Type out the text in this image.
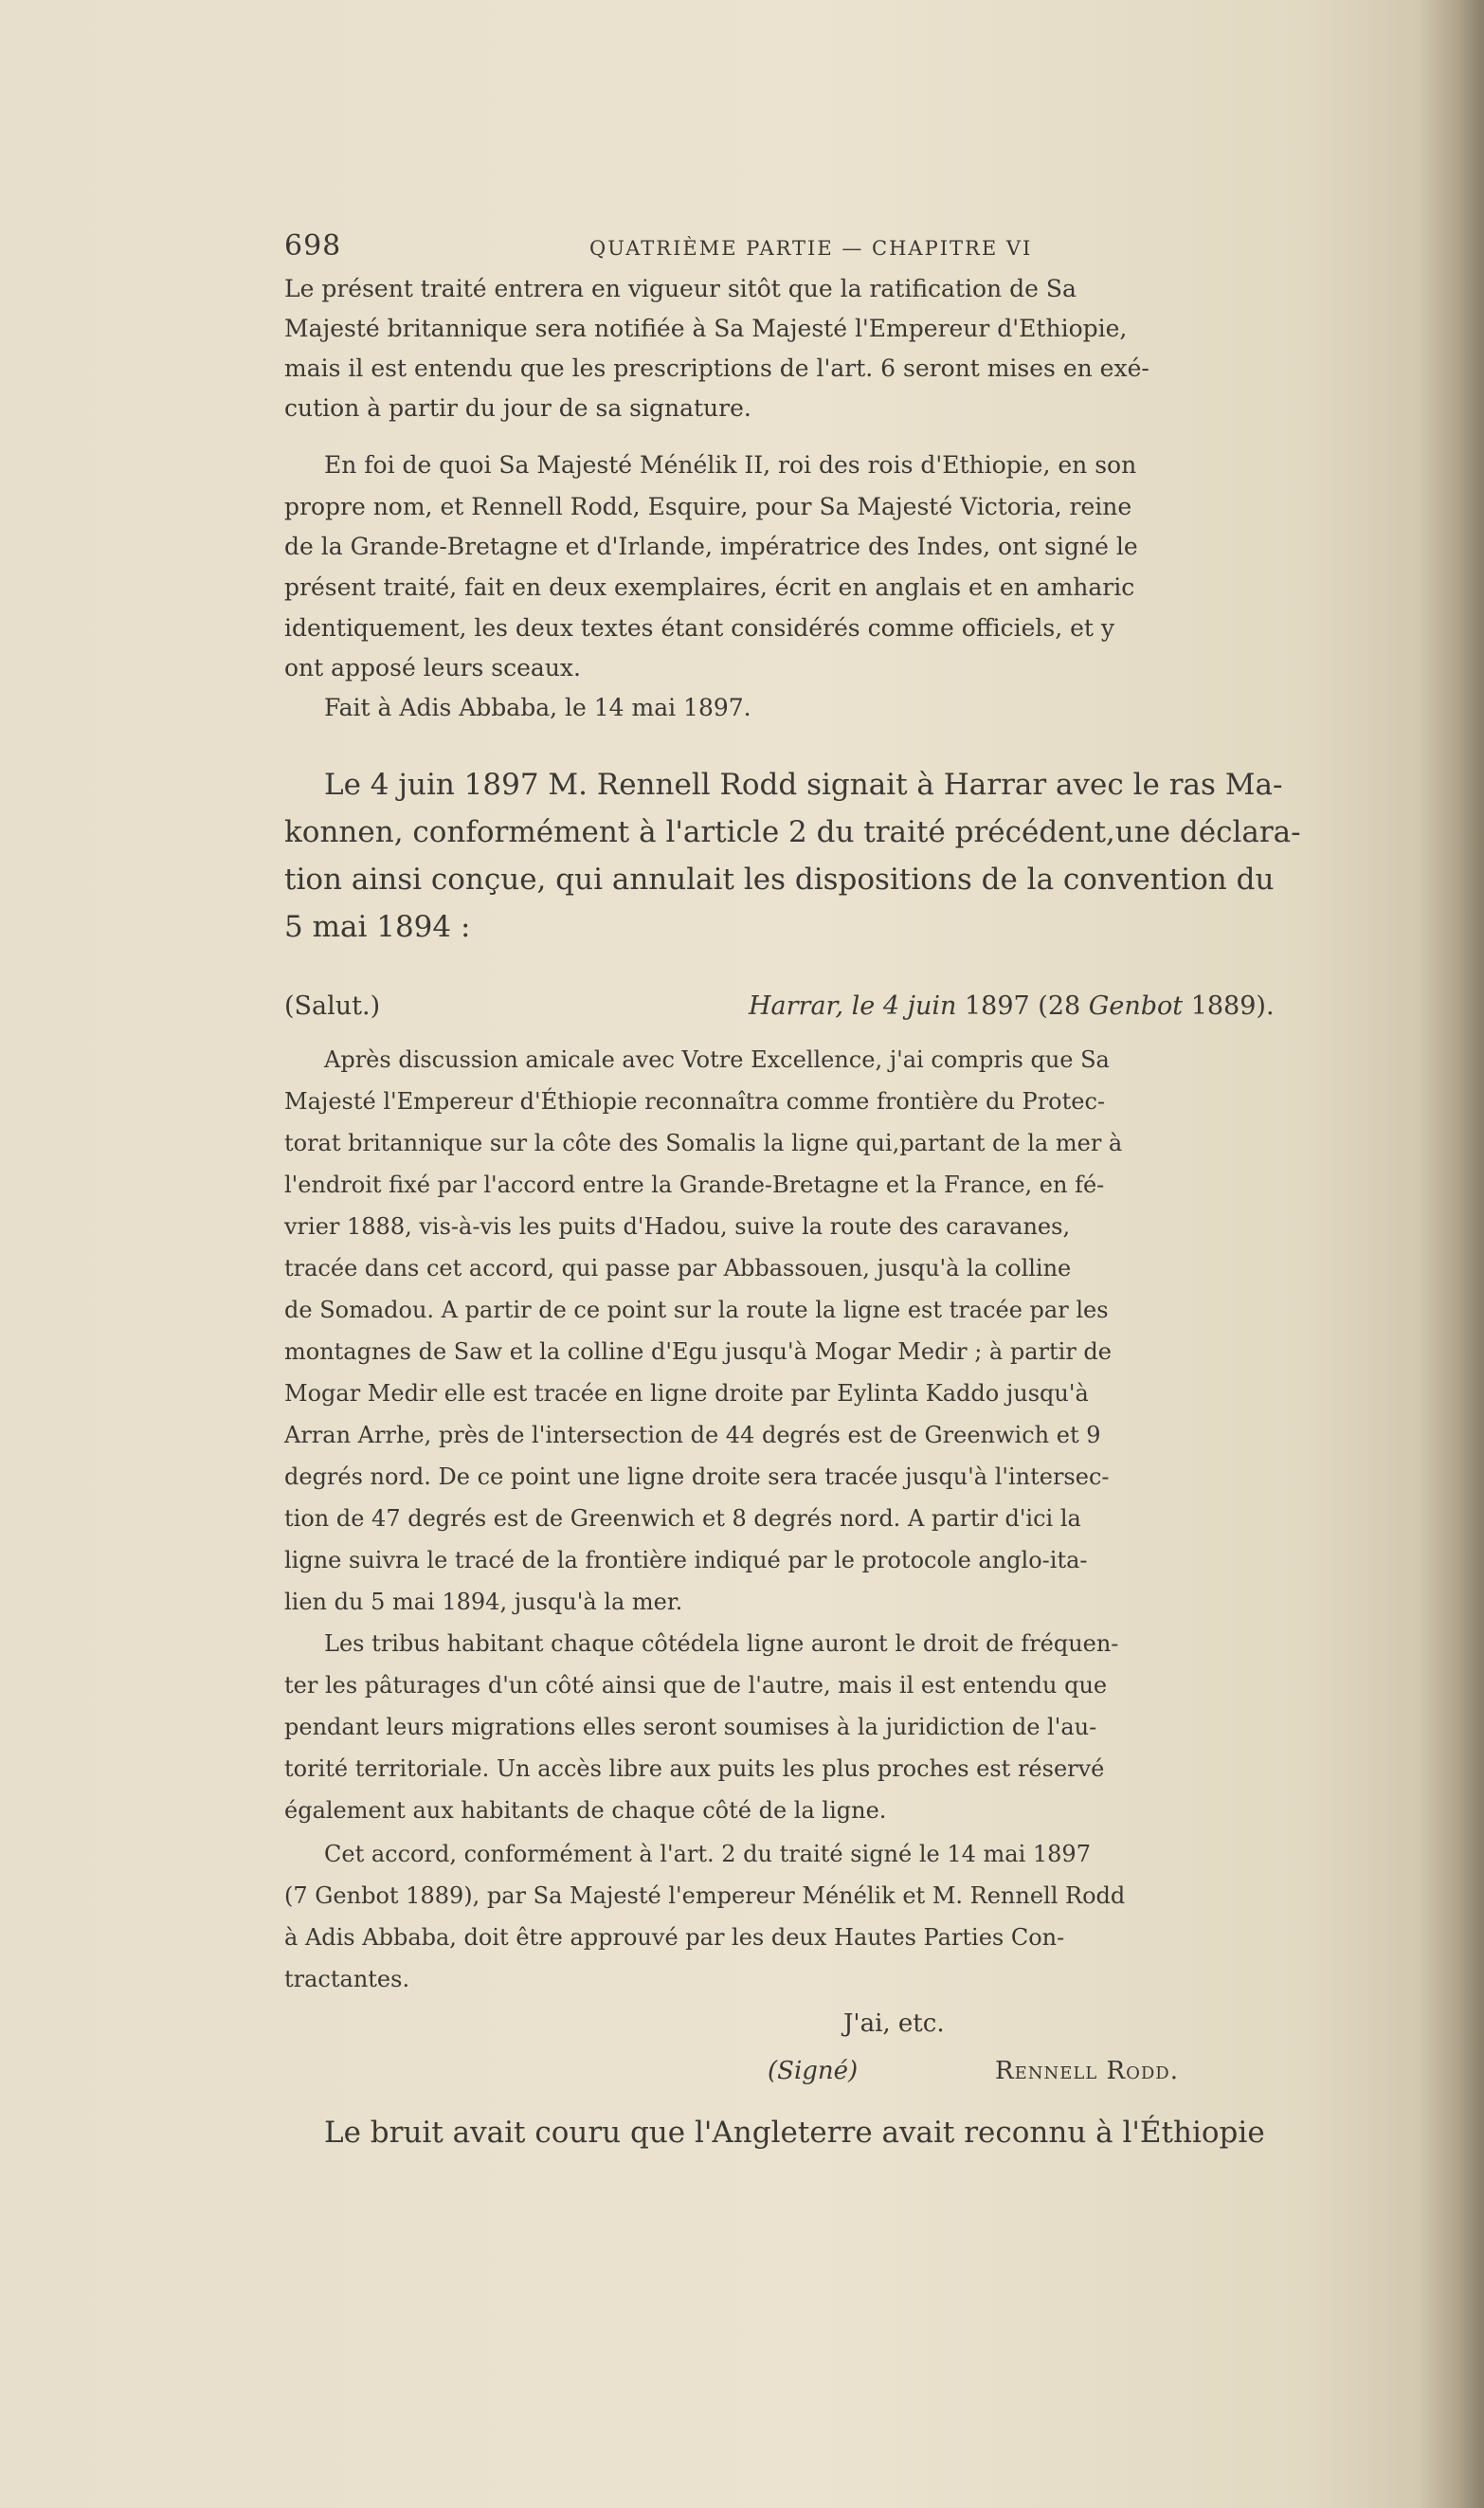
698	QUATRIÈME PARTIE — CHAPITRE VI
Le présent traité entrera en vigueur sitôt que la ratification de Sa
Majesté britannique sera notifiée à Sa Majesté l'Empereur d'Ethiopie,
mais il est entendu que les prescriptions de l'art. 6 seront mises en exé-
cution à partir du jour de sa signature.
En foi de quoi Sa Majesté Ménélik II, roi des rois d'Ethiopie, en son
propre nom, et Rennell Rodd, Esquire, pour Sa Majesté Victoria, reine
de la Grande-Bretagne et d'Irlande, impératrice des Indes, ont signé le
présent traité, fait en deux exemplaires, écrit en anglais et en amharic
identiquement, les deux textes étant considérés comme officiels, et y
ont apposé leurs sceaux.
Fait à Adis Abbaba, le 14 mai 1897.
Le 4 juin 1897 M. Rennell Rodd signait à Harrar avec le ras Ma-
konnen, conformément à l'article 2 du traité précédent,une déclara-
tion ainsi conçue, qui annulait les dispositions de la convention du
5 mai 1894 :
(Salut.)	Harrar, le 4 juin 1897 (28 Genbot 1889).
Après discussion amicale avec Votre Excellence, j'ai compris que Sa
Majesté l'Empereur d'Éthiopie reconnaîtra comme frontière du Protec-
torat britannique sur la côte des Somalis la ligne qui,partant de la mer à
l'endroit fixé par l'accord entre la Grande-Bretagne et la France, en fé-
vrier 1888, vis-à-vis les puits d'Hadou, suive la route des caravanes,
tracée dans cet accord, qui passe par Abbassouen, jusqu'à la colline
de Somadou. A partir de ce point sur la route la ligne est tracée par les
montagnes de Saw et la colline d'Egu jusqu'à Mogar Medir ; à partir de
Mogar Medir elle est tracée en ligne droite par Eylinta Kaddo jusqu'à
Arran Arrhe, près de l'intersection de 44 degrés est de Greenwich et 9
degrés nord. De ce point une ligne droite sera tracée jusqu'à l'intersec-
tion de 47 degrés est de Greenwich et 8 degrés nord. A partir d'ici la
ligne suivra le tracé de la frontière indiqué par le protocole anglo-ita-
lien du 5 mai 1894, jusqu'à la mer.
Les tribus habitant chaque côtédela ligne auront le droit de fréquen-
ter les pâturages d'un côté ainsi que de l'autre, mais il est entendu que
pendant leurs migrations elles seront soumises à la juridiction de l'au-
torité territoriale. Un accès libre aux puits les plus proches est réservé
également aux habitants de chaque côté de la ligne.
Cet accord, conformément à l'art. 2 du traité signé le 14 mai 1897
(7 Genbot 1889), par Sa Majesté l'empereur Ménélik et M. Rennell Rodd
à Adis Abbaba, doit être approuvé par les deux Hautes Parties Con-
tractantes.
J'ai, etc.
(Signé)	Rennell Rodd.
Le bruit avait couru que l'Angleterre avait reconnu à l'Éthiopie
